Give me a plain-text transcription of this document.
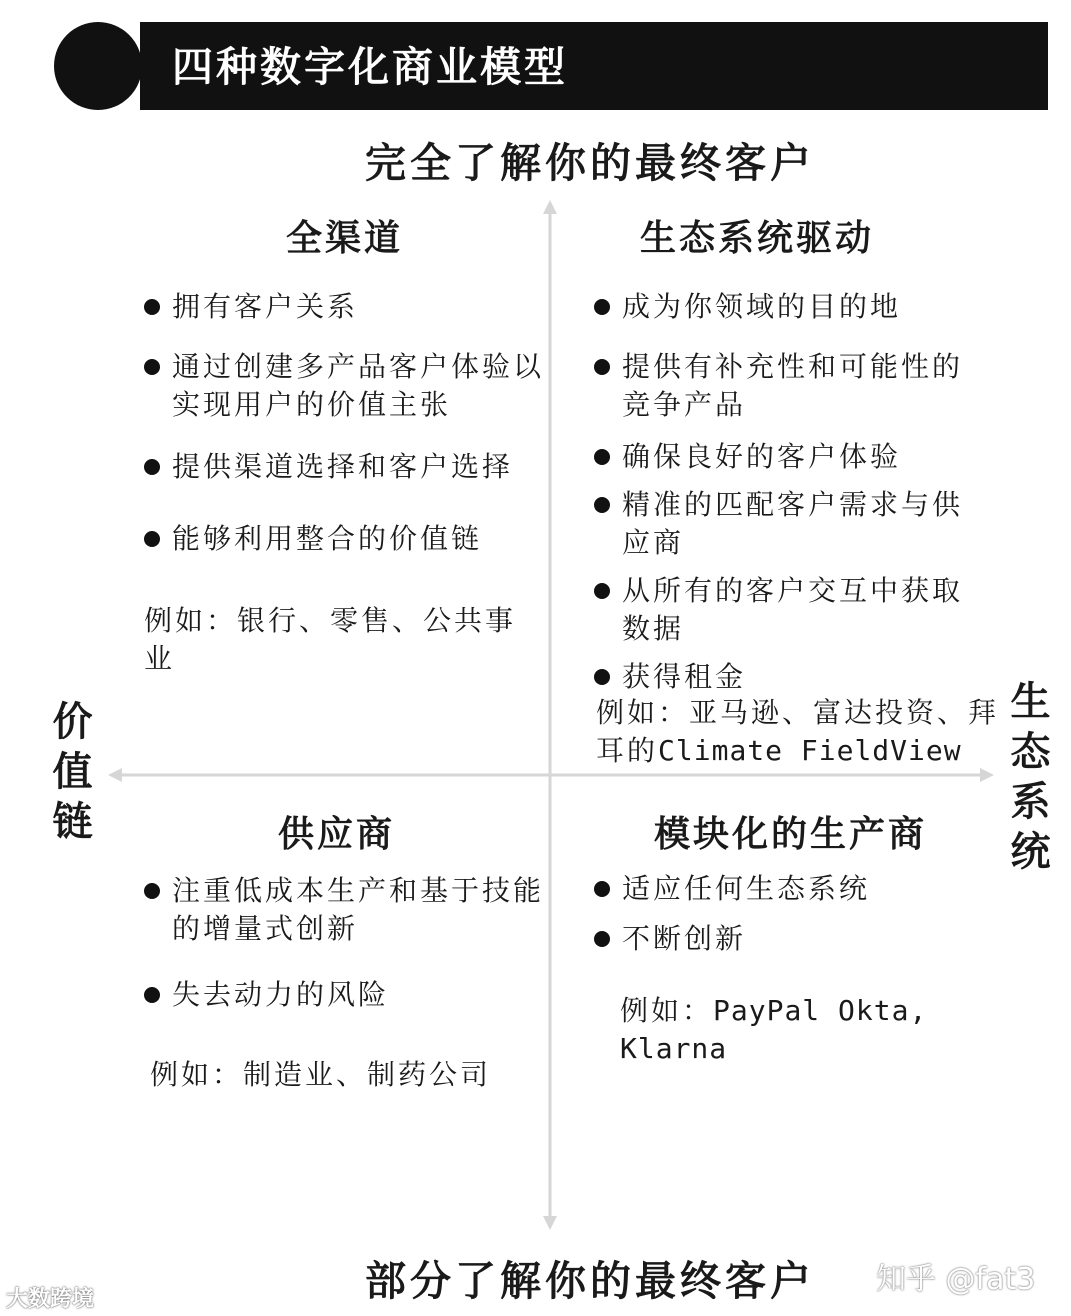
四种数字化商业模型
完全了解你的最终客户
部分了解你的最终客户
价值链	生态系统
全渠道
拥有客户关系
通过创建多产品客户体验以实现用户的价值主张
提供渠道选择和客户选择
能够利用整合的价值链
例如：银行、零售、公共事业
生态系统驱动
成为你领域的目的地
提供有补充性和可能性的竞争产品
确保良好的客户体验
精准的匹配客户需求与供应商
从所有的客户交互中获取数据
获得租金
例如：亚马逊、富达投资、拜耳的Climate FieldView
供应商
注重低成本生产和基于技能的增量式创新
失去动力的风险
例如：制造业、制药公司
模块化的生产商
适应任何生态系统
不断创新
例如：PayPal Okta, Klarna
大数跨境
知乎 @fat3
